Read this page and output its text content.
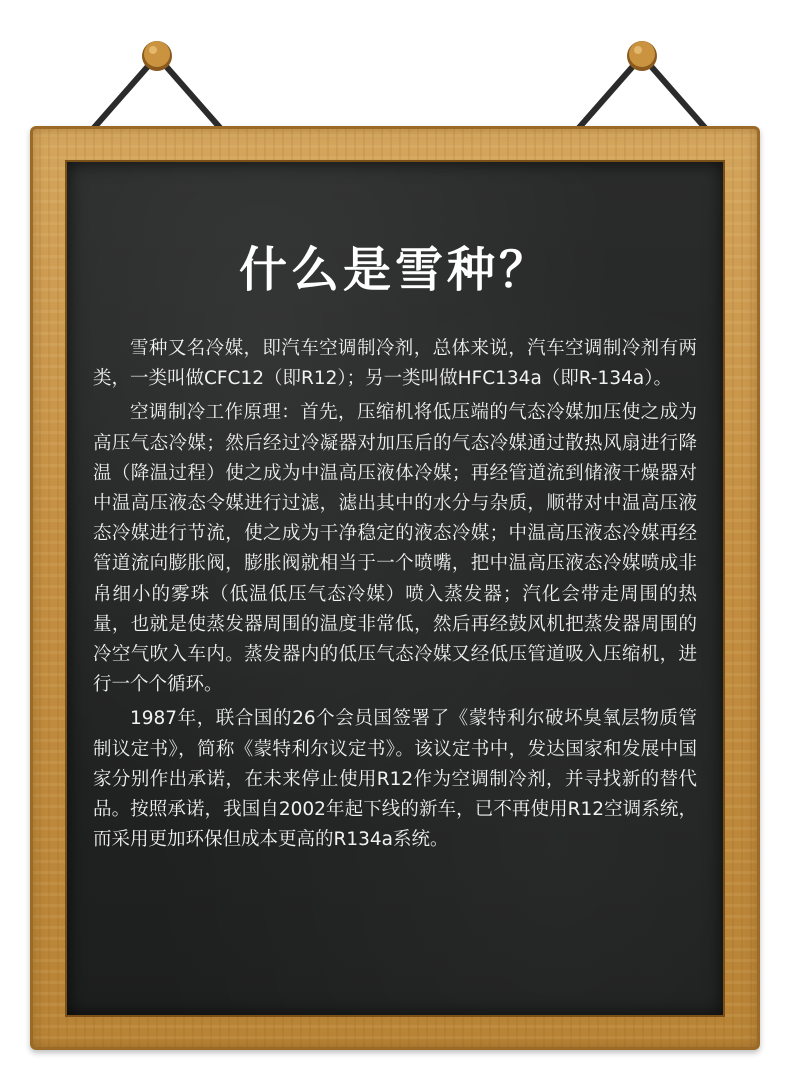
什么是雪种？

雪种又名冷媒，即汽车空调制冷剂，总体来说，汽车空调制冷剂有两类，一类叫做CFC12（即R12）；另一类叫做HFC134a（即R-134a）。

空调制冷工作原理：首先，压缩机将低压端的气态冷媒加压使之成为高压气态冷媒；然后经过冷凝器对加压后的气态冷媒通过散热风扇进行降温（降温过程）使之成为中温高压液体冷媒；再经管道流到储液干燥器对中温高压液态令媒进行过滤，滤出其中的水分与杂质，顺带对中温高压液态冷媒进行节流，使之成为干净稳定的液态冷媒；中温高压液态冷媒再经管道流向膨胀阀，膨胀阀就相当于一个喷嘴，把中温高压液态冷媒喷成非帛细小的雾珠（低温低压气态冷媒）喷入蒸发器；汽化会带走周围的热量，也就是使蒸发器周围的温度非常低，然后再经鼓风机把蒸发器周围的冷空气吹入车内。蒸发器内的低压气态冷媒又经低压管道吸入压缩机，进行一个个循环。

1987年，联合国的26个会员国签署了《蒙特利尔破坏臭氧层物质管制议定书》，简称《蒙特利尔议定书》。该议定书中，发达国家和发展中国家分别作出承诺，在未来停止使用R12作为空调制冷剂，并寻找新的替代品。按照承诺，我国自2002年起下线的新车，已不再使用R12空调系统，而采用更加环保但成本更高的R134a系统。
